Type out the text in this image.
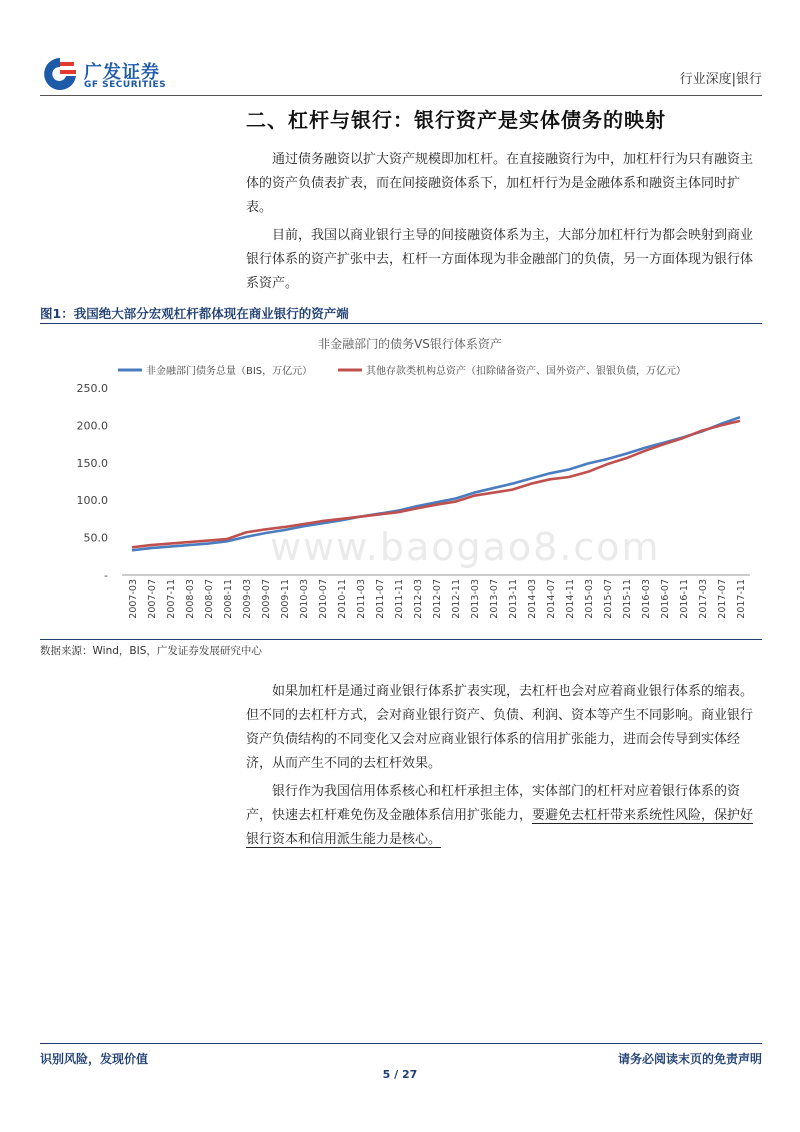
广发证券
GF SECURITIES	行业深度|银行
二、杠杆与银行：银行资产是实体债务的映射
通过债务融资以扩大资产规模即加杠杆。在直接融资行为中，加杠杆行为只有融资主体的资产负债表扩表，而在间接融资体系下，加杠杆行为是金融体系和融资主体同时扩表。
目前，我国以商业银行主导的间接融资体系为主，大部分加杠杆行为都会映射到商业银行体系的资产扩张中去，杠杆一方面体现为非金融部门的负债，另一方面体现为银行体系资产。
图1：我国绝大部分宏观杠杆都体现在商业银行的资产端
非金融部门的债务VS银行体系资产
非金融部门债务总量（BIS，万亿元）	其他存款类机构总资产（扣除储备资产、国外资产、银银负债，万亿元）
-
50.0
100.0
150.0
200.0
250.0
2007-03 2007-07 2007-11 2008-03 2008-07 2008-11 2009-03 2009-07 2009-11 2010-03 2010-07 2010-11 2011-03 2011-07 2011-11 2012-03 2012-07 2012-11 2013-03 2013-07 2013-11 2014-03 2014-07 2014-11 2015-03 2015-07 2015-11 2016-03 2016-07 2016-11 2017-03 2017-07 2017-11
www.baogao8.com
数据来源：Wind，BIS，广发证券发展研究中心
如果加杠杆是通过商业银行体系扩表实现，去杠杆也会对应着商业银行体系的缩表。但不同的去杠杆方式，会对商业银行资产、负债、利润、资本等产生不同影响。商业银行资产负债结构的不同变化又会对应商业银行体系的信用扩张能力，进而会传导到实体经济，从而产生不同的去杠杆效果。
银行作为我国信用体系核心和杠杆承担主体，实体部门的杠杆对应着银行体系的资产，快速去杠杆难免伤及金融体系信用扩张能力，要避免去杠杆带来系统性风险，保护好银行资本和信用派生能力是核心。
识别风险，发现价值	请务必阅读末页的免责声明
5 / 27
